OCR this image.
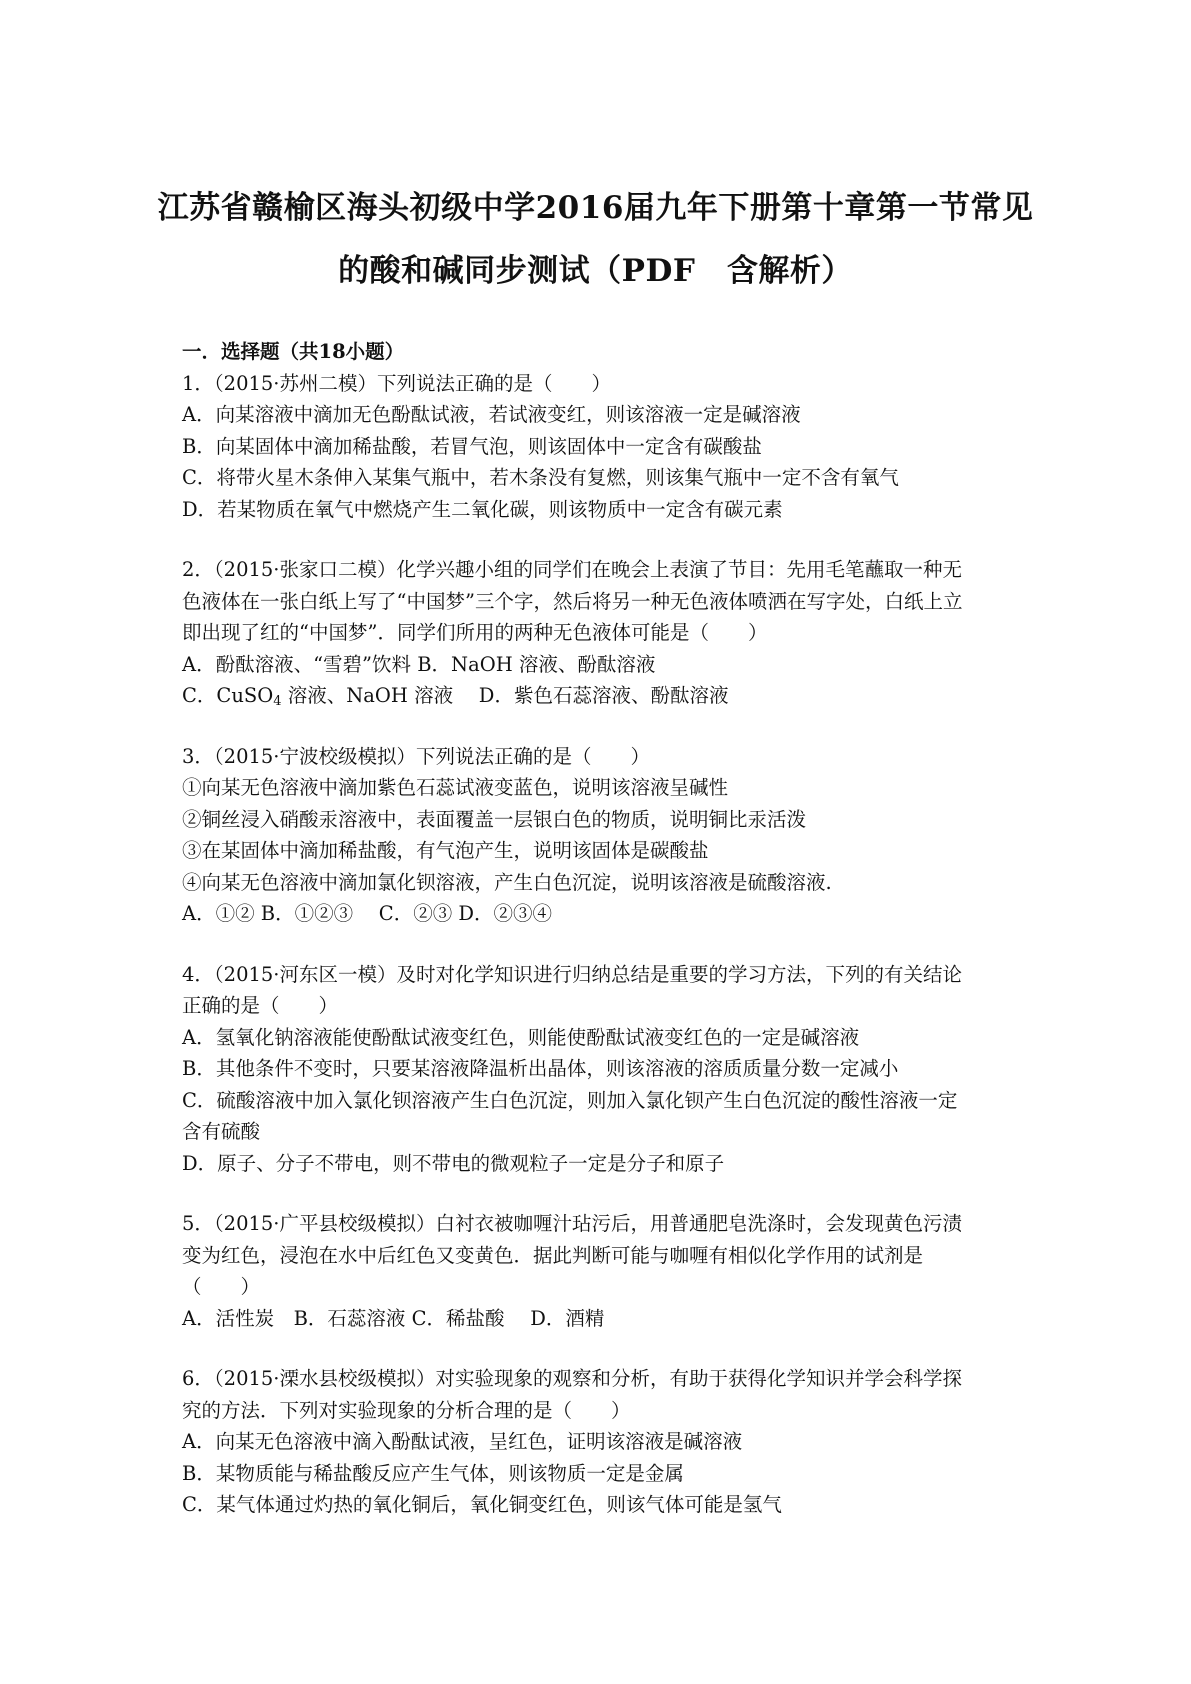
江苏省赣榆区海头初级中学2016届九年下册第十章第一节常见
的酸和碱同步测试（PDF　含解析）

一．选择题（共18小题）

1．（2015·苏州二模）下列说法正确的是（　　）

A．向某溶液中滴加无色酚酞试液，若试液变红，则该溶液一定是碱溶液

B．向某固体中滴加稀盐酸，若冒气泡，则该固体中一定含有碳酸盐

C．将带火星木条伸入某集气瓶中，若木条没有复燃，则该集气瓶中一定不含有氧气

D．若某物质在氧气中燃烧产生二氧化碳，则该物质中一定含有碳元素

2．（2015·张家口二模）化学兴趣小组的同学们在晚会上表演了节目：先用毛笔蘸取一种无

色液体在一张白纸上写了“中国梦”三个字，然后将另一种无色液体喷洒在写字处，白纸上立

即出现了红的“中国梦”．同学们所用的两种无色液体可能是（　　）

A．酚酞溶液、“雪碧”饮料 B．NaOH 溶液、酚酞溶液

C．CuSO$_4$ 溶液、NaOH 溶液　 D．紫色石蕊溶液、酚酞溶液

3．（2015·宁波校级模拟）下列说法正确的是（　　）

①向某无色溶液中滴加紫色石蕊试液变蓝色，说明该溶液呈碱性

②铜丝浸入硝酸汞溶液中，表面覆盖一层银白色的物质，说明铜比汞活泼

③在某固体中滴加稀盐酸，有气泡产生，说明该固体是碳酸盐

④向某无色溶液中滴加氯化钡溶液，产生白色沉淀，说明该溶液是硫酸溶液.

A．①② B．①②③　 C．②③ D．②③④

4．（2015·河东区一模）及时对化学知识进行归纳总结是重要的学习方法，下列的有关结论

正确的是（　　）

A．氢氧化钠溶液能使酚酞试液变红色，则能使酚酞试液变红色的一定是碱溶液

B．其他条件不变时，只要某溶液降温析出晶体，则该溶液的溶质质量分数一定减小

C．硫酸溶液中加入氯化钡溶液产生白色沉淀，则加入氯化钡产生白色沉淀的酸性溶液一定

含有硫酸

D．原子、分子不带电，则不带电的微观粒子一定是分子和原子

5．（2015·广平县校级模拟）白衬衣被咖喱汁玷污后，用普通肥皂洗涤时，会发现黄色污渍

变为红色，浸泡在水中后红色又变黄色．据此判断可能与咖喱有相似化学作用的试剂是

（　　）

A．活性炭　B．石蕊溶液 C．稀盐酸　 D．酒精

6．（2015·溧水县校级模拟）对实验现象的观察和分析，有助于获得化学知识并学会科学探

究的方法．下列对实验现象的分析合理的是（　　）

A．向某无色溶液中滴入酚酞试液，呈红色，证明该溶液是碱溶液

B．某物质能与稀盐酸反应产生气体，则该物质一定是金属

C．某气体通过灼热的氧化铜后，氧化铜变红色，则该气体可能是氢气
